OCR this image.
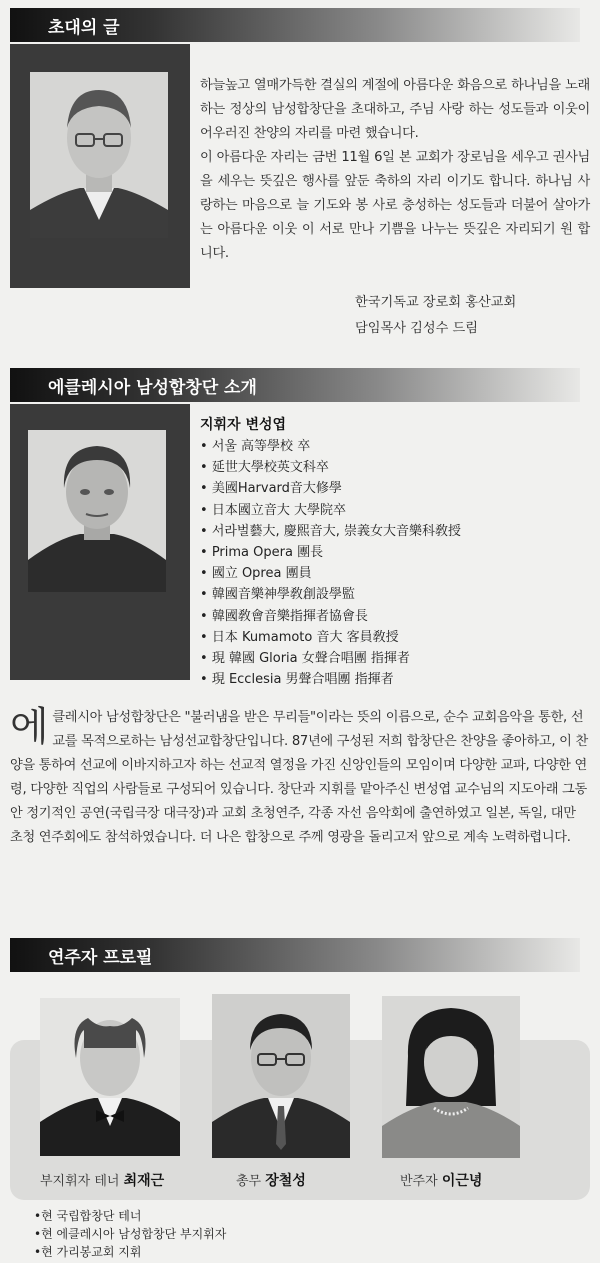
초대의 글

하늘높고 열매가득한 결실의 계절에 아름다운 화음으로 하나님을 노래하는 정상의 남성합창단을 초대하고, 주님 사랑 하는 성도들과 이웃이 어우러진 찬양의 자리를 마련 했습니다.

이 아름다운 자리는 금번 11월 6일 본 교회가 장로님을 세우고 권사님을 세우는 뜻깊은 행사를 앞둔 축하의 자리 이기도 합니다. 하나님 사랑하는 마음으로 늘 기도와 봉 사로 충성하는 성도들과 더불어 살아가는 아름다운 이웃 이 서로 만나 기쁨을 나누는 뜻깊은 자리되기 원 합니다.

한국기독교 장로회 홍산교회
담임목사 김성수 드림
에클레시아 남성합창단 소개
지휘자 변성엽
• 서울 高等學校 卒
• 延世大學校英文科卒
• 美國Harvard音大修學
• 日本國立音大 大學院卒
• 서라벌藝大, 慶熙音大, 崇義女大音樂科敎授
• Prima Opera 團長
• 國立 Oprea 團員
• 韓國音樂神學敎創設學監
• 韓國敎會音樂指揮者協會長
• 日本 Kumamoto 音大 客員敎授
• 現 韓國 Gloria 女聲合唱團 指揮者
• 現 Ecclesia 男聲合唱團 指揮者
에클레시아 남성합창단은 "불러냄을 받은 무리들"이라는 뜻의 이름으로, 순수 교회음악을 통한, 선교를 목적으로하는 남성선교합창단입니다. 87년에 구성된 저희 합창단은 찬양을 좋아하고, 이 찬양을 통하여 선교에 이바지하고자 하는 선교적 열정을 가진 신앙인들의 모임이며 다양한 교파, 다양한 연령, 다양한 직업의 사람들로 구성되어 있습니다. 창단과 지휘를 맡아주신 변성엽 교수님의 지도아래 그동안 정기적인 공연(국립극장 대극장)과 교회 초청연주, 각종 자선 음악회에 출연하였고 일본, 독일, 대만 초청 연주회에도 참석하였습니다. 더 나은 합창으로 주께 영광을 돌리고저 앞으로 계속 노력하렵니다.
연주자 프로필
부지휘자 테너 최재근	총무 장철성	반주자 이근녕
• 현 국립합창단 테너
• 현 에클레시아 남성합창단 부지휘자
• 현 가리봉교회 지휘
